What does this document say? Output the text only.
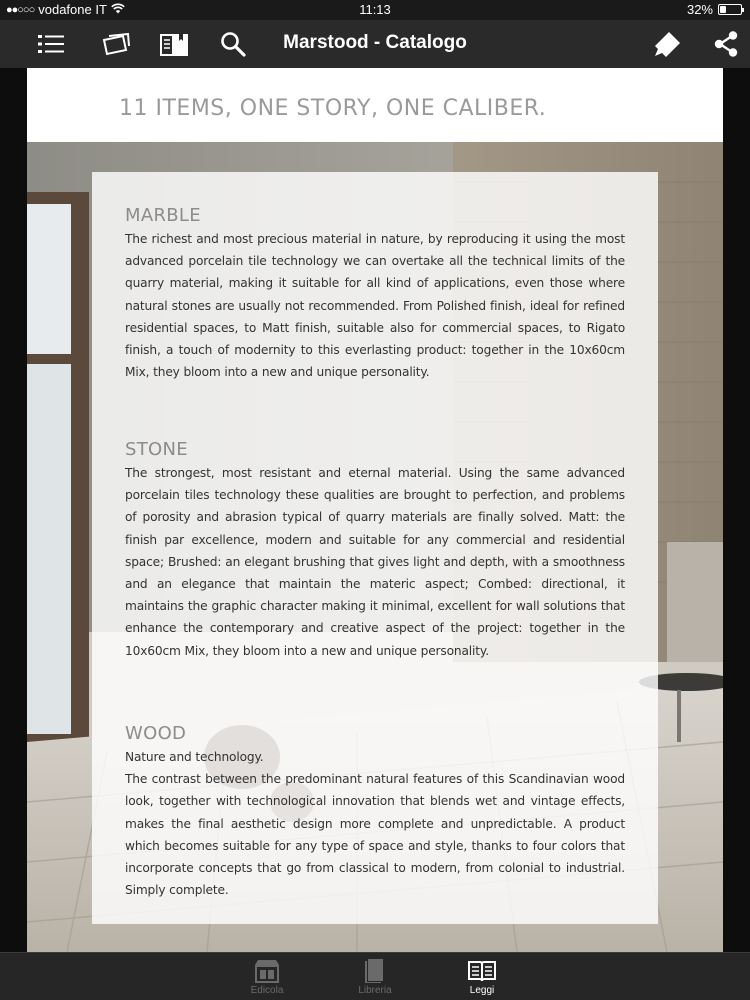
●●○○○ vodafone IT	11:13	32%
Marstood - Catalogo
11 ITEMS, ONE STORY, ONE CALIBER.
MARBLE

The richest and most precious material in nature, by reproducing it using the most advanced porcelain tile technology we can overtake all the technical limits of the quarry material, making it suitable for all kind of applications, even those where natural stones are usually not recommended. From Polished finish, ideal for refined residential spaces, to Matt finish, suitable also for commercial spaces, to Rigato finish, a touch of modernity to this everlasting product: together in the 10x60cm Mix, they bloom into a new and unique personality.

STONE

The strongest, most resistant and eternal material. Using the same advanced porcelain tiles technology these qualities are brought to perfection, and problems of porosity and abrasion typical of quarry materials are finally solved. Matt: the finish par excellence, modern and suitable for any commercial and residential space; Brushed: an elegant brushing that gives light and depth, with a smoothness and an elegance that maintain the materic aspect; Combed: directional, it maintains the graphic character making it minimal, excellent for wall solutions that enhance the contemporary and creative aspect of the project: together in the 10x60cm Mix, they bloom into a new and unique personality.

WOOD

Nature and technology.

The contrast between the predominant natural features of this Scandinavian wood look, together with technological innovation that blends wet and vintage effects, makes the final aesthetic design more complete and unpredictable. A product which becomes suitable for any type of space and style, thanks to four colors that incorporate concepts that go from classical to modern, from colonial to industrial. Simply complete.

Edicola	Libreria	Leggi
